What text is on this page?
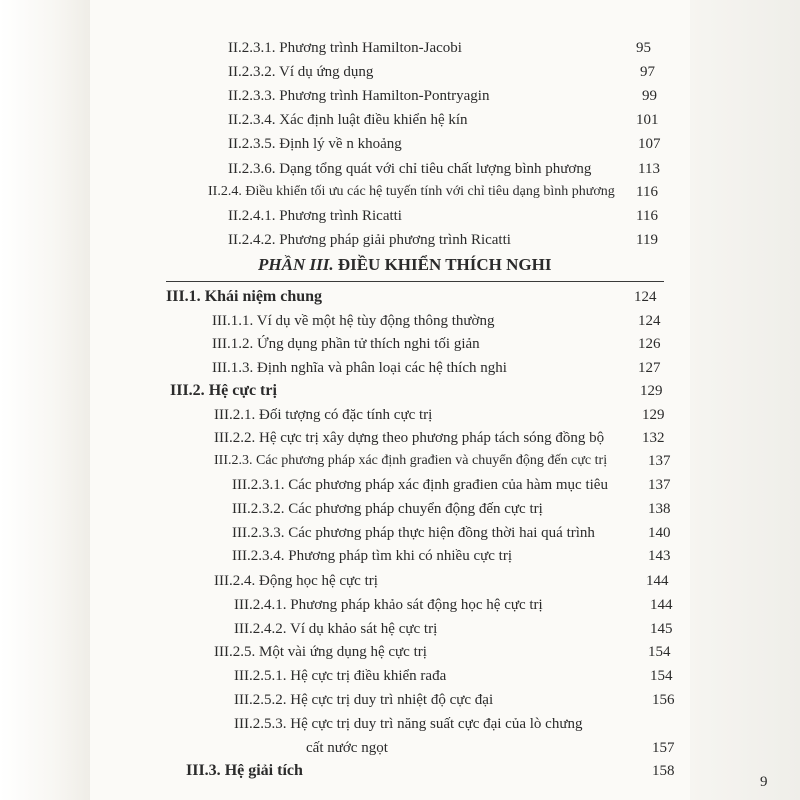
II.2.3.1. Phương trình Hamilton-Jacobi	95
II.2.3.2. Ví dụ ứng dụng	97
II.2.3.3. Phương trình Hamilton-Pontryagin	99
II.2.3.4. Xác định luật điều khiển hệ kín	101
II.2.3.5. Định lý về n khoảng	107
II.2.3.6. Dạng tổng quát với chỉ tiêu chất lượng bình phương	113
II.2.4. Điều khiển tối ưu các hệ tuyến tính với chỉ tiêu dạng bình phương 116
II.2.4.1. Phương trình Ricatti	116
II.2.4.2. Phương pháp giải phương trình Ricatti	119
PHẦN III. ĐIỀU KHIỂN THÍCH NGHI
III.1. Khái niệm chung	124
III.1.1. Ví dụ về một hệ tùy động thông thường	124
III.1.2. Ứng dụng phần tử thích nghi tối giản	126
III.1.3. Định nghĩa và phân loại các hệ thích nghi	127
III.2. Hệ cực trị	129
III.2.1. Đối tượng có đặc tính cực trị	129
III.2.2. Hệ cực trị xây dựng theo phương pháp tách sóng đồng bộ	132
III.2.3. Các phương pháp xác định građien và chuyển động đến cực trị	137
III.2.3.1. Các phương pháp xác định građien của hàm mục tiêu	137
III.2.3.2. Các phương pháp chuyển động đến cực trị	138
III.2.3.3. Các phương pháp thực hiện đồng thời hai quá trình	140
III.2.3.4. Phương pháp tìm khi có nhiều cực trị	143
III.2.4. Động học hệ cực trị	144
III.2.4.1. Phương pháp khảo sát động học hệ cực trị	144
III.2.4.2. Ví dụ khảo sát hệ cực trị	145
III.2.5. Một vài ứng dụng hệ cực trị	154
III.2.5.1. Hệ cực trị điều khiển rađa	154
III.2.5.2. Hệ cực trị duy trì nhiệt độ cực đại	156
III.2.5.3. Hệ cực trị duy trì năng suất cực đại của lò chưng
cất nước ngọt	157
III.3. Hệ giải tích	158
9
